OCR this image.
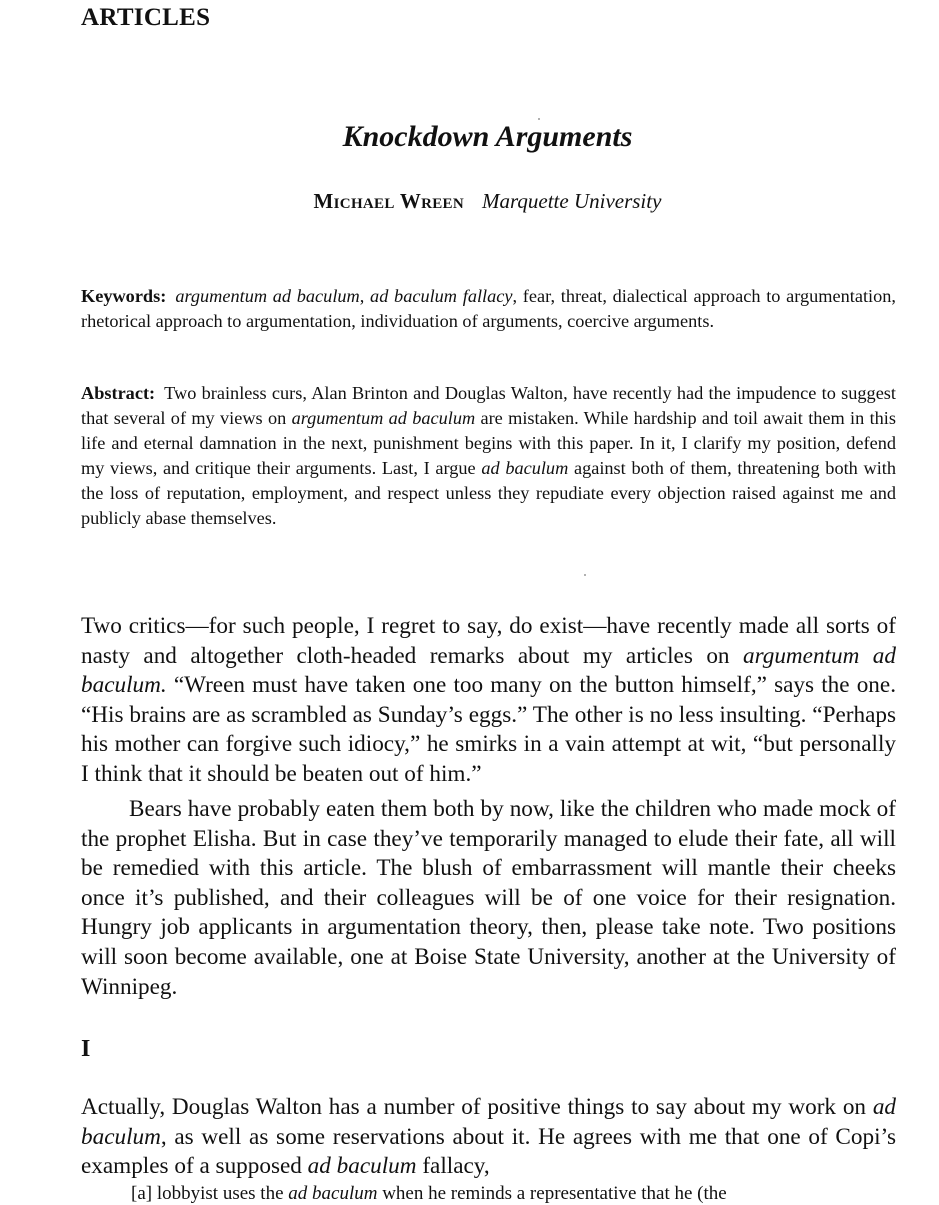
ARTICLES
Knockdown Arguments
Michael Wreen Marquette University
Keywords: argumentum ad baculum, ad baculum fallacy, fear, threat, dialectical approach to argumentation, rhetorical approach to argumentation, individuation of arguments, coercive arguments.
Abstract: Two brainless curs, Alan Brinton and Douglas Walton, have recently had the impudence to suggest that several of my views on argumentum ad baculum are mistaken. While hardship and toil await them in this life and eternal damnation in the next, punishment begins with this paper. In it, I clarify my position, defend my views, and critique their arguments. Last, I argue ad baculum against both of them, threatening both with the loss of reputation, employment, and respect unless they repudiate every objection raised against me and publicly abase themselves.
Two critics—for such people, I regret to say, do exist—have recently made all sorts of nasty and altogether cloth-headed remarks about my articles on argumentum ad baculum. “Wreen must have taken one too many on the button himself,” says the one. “His brains are as scrambled as Sunday’s eggs.” The other is no less insulting. “Perhaps his mother can forgive such idiocy,” he smirks in a vain attempt at wit, “but personally I think that it should be beaten out of him.”
Bears have probably eaten them both by now, like the children who made mock of the prophet Elisha. But in case they’ve temporarily managed to elude their fate, all will be remedied with this article. The blush of embarrassment will mantle their cheeks once it’s published, and their colleagues will be of one voice for their resignation. Hungry job applicants in argumentation theory, then, please take note. Two positions will soon become available, one at Boise State University, another at the University of Winnipeg.
I
Actually, Douglas Walton has a number of positive things to say about my work on ad baculum, as well as some reservations about it. He agrees with me that one of Copi’s examples of a supposed ad baculum fallacy,
[a] lobbyist uses the ad baculum when he reminds a representative that he (the
